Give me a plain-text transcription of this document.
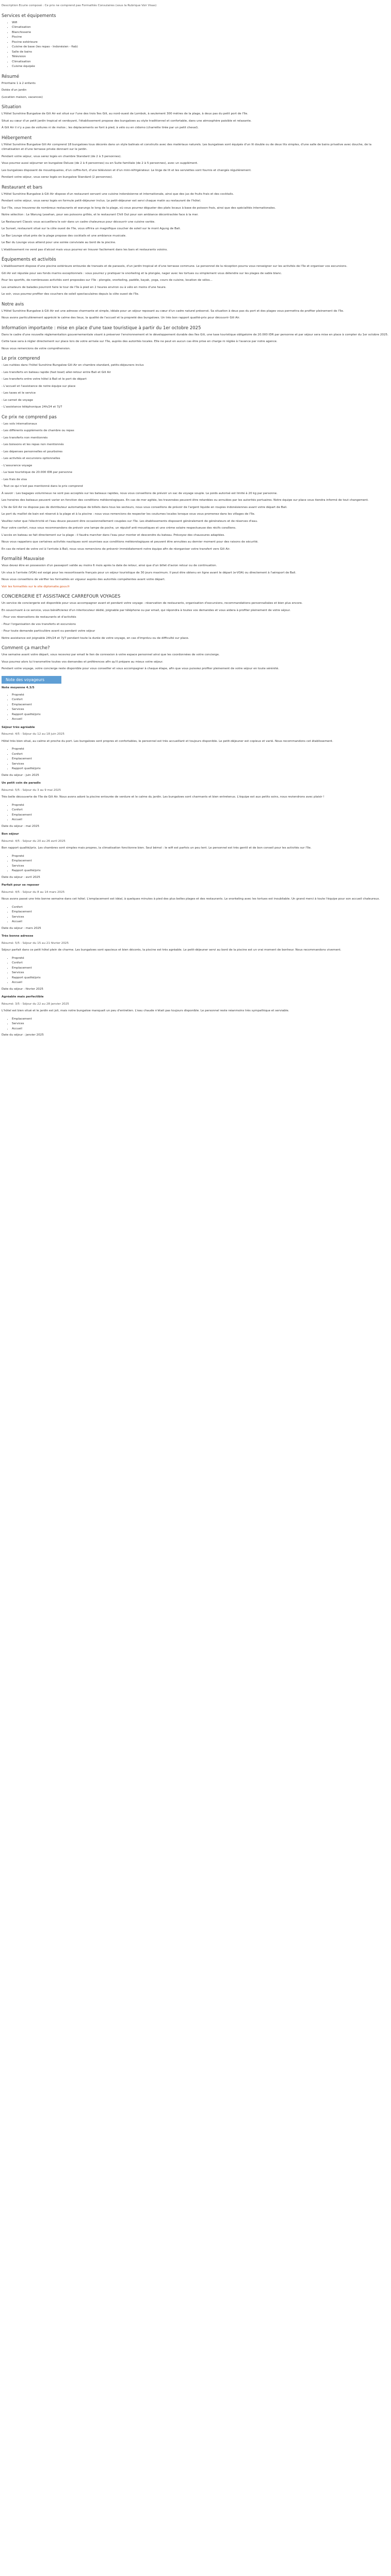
Description Ecurie composé : Ce prix ne comprend pas Formalités Consulaires (sous la Rubrique Voir Visas)

Services et équipements
• Wifi
• Climatisation
• Blanchisserie
• Piscine
• Piscine extérieure
• Cuisine de base (les repas - Indonésien - fiab)
• Salle de bains
• Télévision
• Climatisation
• Cuisine équipée
Résumé

Prioritaire 1 à 2 enfants

Dotée d'un jardin

(Location maison, vacances)

Situation

L'Hôtel Sunshine Bungalow de Gili Air est situé sur l'une des trois îles Gili, au nord-ouest de Lombok, à seulement 300 mètres de la plage, à deux pas du petit port de l'île.

Situé au cœur d'un petit jardin tropical et verdoyant, l'établissement propose des bungalows au style traditionnel et confortable, dans une atmosphère paisible et relaxante.

À Gili Air il n'y a pas de voitures ni de motos ; les déplacements se font à pied, à vélo ou en cidomo (charrette tirée par un petit cheval).

Hébergement

L'Hôtel Sunshine Bungalow Gili Air comprend 18 bungalows tous décorés dans un style balinais et construits avec des matériaux naturels. Les bungalows sont équipés d'un lit double ou de deux lits simples, d'une salle de bains privative avec douche, de la climatisation et d'une terrasse privée donnant sur le jardin.

Pendant votre séjour, vous serez logés en chambre Standard (de 2 à 3 personnes).

Vous pourrez aussi séjourner en bungalow Deluxe (de 2 à 4 personnes) ou en Suite familiale (de 2 à 5 personnes), avec un supplément.

Les bungalows disposent de moustiquaires, d'un coffre-fort, d'une télévision et d'un mini-réfrigérateur. Le linge de lit et les serviettes sont fournis et changés régulièrement.

Pendant votre séjour, vous serez logés en bungalow Standard (2 personnes).

Restaurant et bars

L'Hôtel Sunshine Bungalow à Gili Air dispose d'un restaurant servant une cuisine indonésienne et internationale, ainsi que des jus de fruits frais et des cocktails.

Pendant votre séjour, vous serez logés en formule petit-déjeuner inclus. Le petit-déjeuner est servi chaque matin au restaurant de l'hôtel.

Sur l'île, vous trouverez de nombreux restaurants et warungs le long de la plage, où vous pourrez déguster des plats locaux à base de poisson frais, ainsi que des spécialités internationales.

Notre sélection : Le Warung Lesehan, pour ses poissons grillés, et le restaurant Chill Out pour son ambiance décontractée face à la mer.

Le Restaurant Classic vous accueillera le soir dans un cadre chaleureux pour découvrir une cuisine variée.

Le Sunset, restaurant situé sur la côte ouest de l'île, vous offrira un magnifique coucher de soleil sur le mont Agung de Bali.

Le Bar Lounge situé près de la plage propose des cocktails et une ambiance musicale.

Le Bar du Lounge vous attend pour une soirée conviviale au bord de la piscine.

L'établissement ne vend pas d'alcool mais vous pourrez en trouver facilement dans les bars et restaurants voisins.

Équipements et activités

L'établissement dispose d'une piscine extérieure entourée de transats et de parasols, d'un jardin tropical et d'une terrasse commune. Le personnel de la réception pourra vous renseigner sur les activités de l'île et organiser vos excursions.

Gili Air est réputée pour ses fonds marins exceptionnels : vous pourrez y pratiquer le snorkeling et la plongée, nager avec les tortues ou simplement vous détendre sur les plages de sable blanc.

Pour les sportifs, de nombreuses activités sont proposées sur l'île : plongée, snorkeling, paddle, kayak, yoga, cours de cuisine, location de vélos...

Les amateurs de balades pourront faire le tour de l'île à pied en 2 heures environ ou à vélo en moins d'une heure.

Le soir, vous pourrez profiter des couchers de soleil spectaculaires depuis la côte ouest de l'île.

Notre avis

L'Hôtel Sunshine Bungalow à Gili Air est une adresse charmante et simple, idéale pour un séjour reposant au cœur d'un cadre naturel préservé. Sa situation à deux pas du port et des plages vous permettra de profiter pleinement de l'île.

Nous avons particulièrement apprécié le calme des lieux, la qualité de l'accueil et la propreté des bungalows. Un très bon rapport qualité-prix pour découvrir Gili Air.

Information importante : mise en place d'une taxe touristique à partir du 1er octobre 2025

Dans le cadre d'une nouvelle réglementation gouvernementale visant à préserver l'environnement et le développement durable des îles Gili, une taxe touristique obligatoire de 20.000 IDR par personne et par séjour sera mise en place à compter du 1er octobre 2025.

Cette taxe sera à régler directement sur place lors de votre arrivée sur l'île, auprès des autorités locales. Elle ne peut en aucun cas être prise en charge ni réglée à l'avance par notre agence.

Nous vous remercions de votre compréhension.

Le prix comprend

- Les nuitées dans l'hôtel Sunshine Bungalow Gili Air en chambre standard, petits-déjeuners inclus

- Les transferts en bateau rapide (fast boat) aller-retour entre Bali et Gili Air

- Les transferts entre votre hôtel à Bali et le port de départ

- L'accueil et l'assistance de notre équipe sur place

- Les taxes et le service

- Le carnet de voyage

- L'assistance téléphonique 24h/24 et 7j/7

Ce prix ne comprend pas

- Les vols internationaux

- Les différents suppléments de chambre ou repas

- Les transferts non mentionnés

- Les boissons et les repas non mentionnés

- Les dépenses personnelles et pourboires

- Les activités et excursions optionnelles

- L'assurance voyage

- La taxe touristique de 20.000 IDR par personne

- Les frais de visa

- Tout ce qui n'est pas mentionné dans le prix comprend

À savoir : Les bagages volumineux ne sont pas acceptés sur les bateaux rapides, nous vous conseillons de prévoir un sac de voyage souple. Le poids autorisé est limité à 20 kg par personne.

Les horaires des bateaux peuvent varier en fonction des conditions météorologiques. En cas de mer agitée, les traversées peuvent être retardées ou annulées par les autorités portuaires. Notre équipe sur place vous tiendra informé de tout changement.

L'île de Gili Air ne dispose pas de distributeur automatique de billets dans tous les secteurs, nous vous conseillons de prévoir de l'argent liquide en roupies indonésiennes avant votre départ de Bali.

Le port du maillot de bain est réservé à la plage et à la piscine : nous vous remercions de respecter les coutumes locales lorsque vous vous promenez dans les villages de l'île.

Veuillez noter que l'électricité et l'eau douce peuvent être occasionnellement coupées sur l'île. Les établissements disposent généralement de générateurs et de réserves d'eau.

Pour votre confort, nous vous recommandons de prévoir une lampe de poche, un répulsif anti-moustiques et une crème solaire respectueuse des récifs coralliens.

L'accès en bateau se fait directement sur la plage : il faudra marcher dans l'eau pour monter et descendre du bateau. Prévoyez des chaussures adaptées.

Nous vous rappelons que certaines activités nautiques sont soumises aux conditions météorologiques et peuvent être annulées au dernier moment pour des raisons de sécurité.

En cas de retard de votre vol à l'arrivée à Bali, nous vous remercions de prévenir immédiatement notre équipe afin de réorganiser votre transfert vers Gili Air.

Formalité Mauvaise

Vous devez être en possession d'un passeport valide au moins 6 mois après la date de retour, ainsi que d'un billet d'avion retour ou de continuation.

Un visa à l'arrivée (VOA) est exigé pour les ressortissants français pour un séjour touristique de 30 jours maximum. Il peut être obtenu en ligne avant le départ (e-VOA) ou directement à l'aéroport de Bali.

Nous vous conseillons de vérifier les formalités en vigueur auprès des autorités compétentes avant votre départ.

Voir les formalités sur le site diplomatie.gouv.fr

CONCIERGERIE ET ASSISTANCE CARREFOUR VOYAGES

Un service de conciergerie est disponible pour vous accompagner avant et pendant votre voyage : réservation de restaurants, organisation d'excursions, recommandations personnalisées et bien plus encore.

En souscrivant à ce service, vous bénéficierez d'un interlocuteur dédié, joignable par téléphone ou par email, qui répondra à toutes vos demandes et vous aidera à profiter pleinement de votre séjour.

- Pour vos réservations de restaurants et d'activités

- Pour l'organisation de vos transferts et excursions

- Pour toute demande particulière avant ou pendant votre séjour

Notre assistance est joignable 24h/24 et 7j/7 pendant toute la durée de votre voyage, en cas d'imprévu ou de difficulté sur place.

Comment ça marche?

Une semaine avant votre départ, vous recevrez par email le lien de connexion à votre espace personnel ainsi que les coordonnées de votre concierge.

Vous pourrez alors lui transmettre toutes vos demandes et préférences afin qu'il prépare au mieux votre séjour.

Pendant votre voyage, votre concierge reste disponible pour vous conseiller et vous accompagner à chaque étape, afin que vous puissiez profiter pleinement de votre séjour en toute sérénité.

Note des voyageurs

Note moyenne 4.3/5

• Propreté
• Confort
• Emplacement
• Services
• Rapport qualité/prix
• Accueil

Séjour très agréable

Résumé: 4/5 - Séjour du 12 au 18 juin 2025

Hôtel très bien situé, au calme et proche du port. Les bungalows sont propres et confortables, le personnel est très accueillant et toujours disponible. Le petit-déjeuner est copieux et varié. Nous recommandons cet établissement.

• Propreté
• Confort
• Emplacement
• Services
• Rapport qualité/prix

Date du séjour : juin 2025

Un petit coin de paradis

Résumé: 5/5 - Séjour du 3 au 9 mai 2025

Très belle découverte de l'île de Gili Air. Nous avons adoré la piscine entourée de verdure et le calme du jardin. Les bungalows sont charmants et bien entretenus. L'équipe est aux petits soins, nous reviendrons avec plaisir !

• Propreté
• Confort
• Emplacement
• Accueil

Date du séjour : mai 2025

Bon séjour

Résumé: 4/5 - Séjour du 20 au 26 avril 2025

Bon rapport qualité/prix. Les chambres sont simples mais propres, la climatisation fonctionne bien. Seul bémol : le wifi est parfois un peu lent. Le personnel est très gentil et de bon conseil pour les activités sur l'île.

• Propreté
• Emplacement
• Services
• Rapport qualité/prix

Date du séjour : avril 2025

Parfait pour se reposer

Résumé: 4/5 - Séjour du 8 au 14 mars 2025

Nous avons passé une très bonne semaine dans cet hôtel. L'emplacement est idéal, à quelques minutes à pied des plus belles plages et des restaurants. Le snorkeling avec les tortues est inoubliable. Un grand merci à toute l'équipe pour son accueil chaleureux.

• Confort
• Emplacement
• Services
• Accueil

Date du séjour : mars 2025

Très bonne adresse

Résumé: 5/5 - Séjour du 15 au 21 février 2025

Séjour parfait dans ce petit hôtel plein de charme. Les bungalows sont spacieux et bien décorés, la piscine est très agréable. Le petit-déjeuner servi au bord de la piscine est un vrai moment de bonheur. Nous recommandons vivement.

• Propreté
• Confort
• Emplacement
• Services
• Rapport qualité/prix
• Accueil

Date du séjour : février 2025

Agréable mais perfectible

Résumé: 3/5 - Séjour du 22 au 28 janvier 2025

L'hôtel est bien situé et le jardin est joli, mais notre bungalow manquait un peu d'entretien. L'eau chaude n'était pas toujours disponible. Le personnel reste néanmoins très sympathique et serviable.

• Emplacement
• Services
• Accueil

Date du séjour : janvier 2025
